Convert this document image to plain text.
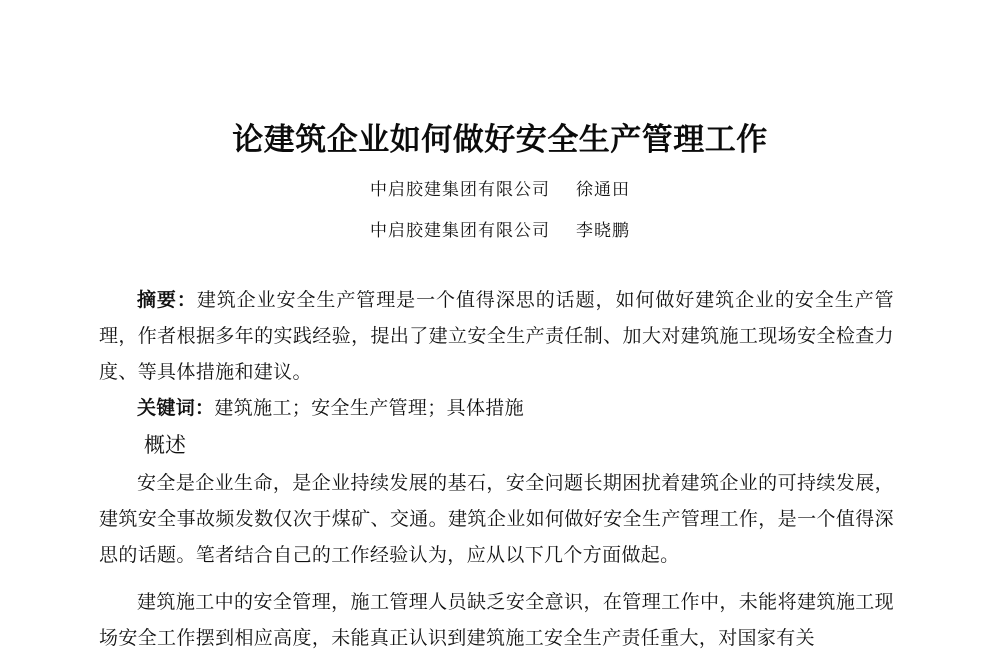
论建筑企业如何做好安全生产管理工作
中启胶建集团有限公司 徐通田
中启胶建集团有限公司 李晓鹏
摘要：建筑企业安全生产管理是一个值得深思的话题，如何做好建筑企业的安全生产管理，作者根据多年的实践经验，提出了建立安全生产责任制、加大对建筑施工现场安全检查力度、等具体措施和建议。
关键词：建筑施工；安全生产管理；具体措施
概述
安全是企业生命，是企业持续发展的基石，安全问题长期困扰着建筑企业的可持续发展，建筑安全事故频发数仅次于煤矿、交通。建筑企业如何做好安全生产管理工作，是一个值得深思的话题。笔者结合自己的工作经验认为，应从以下几个方面做起。
建筑施工中的安全管理，施工管理人员缺乏安全意识，在管理工作中，未能将建筑施工现场安全工作摆到相应高度，未能真正认识到建筑施工安全生产责任重大，对国家有关
